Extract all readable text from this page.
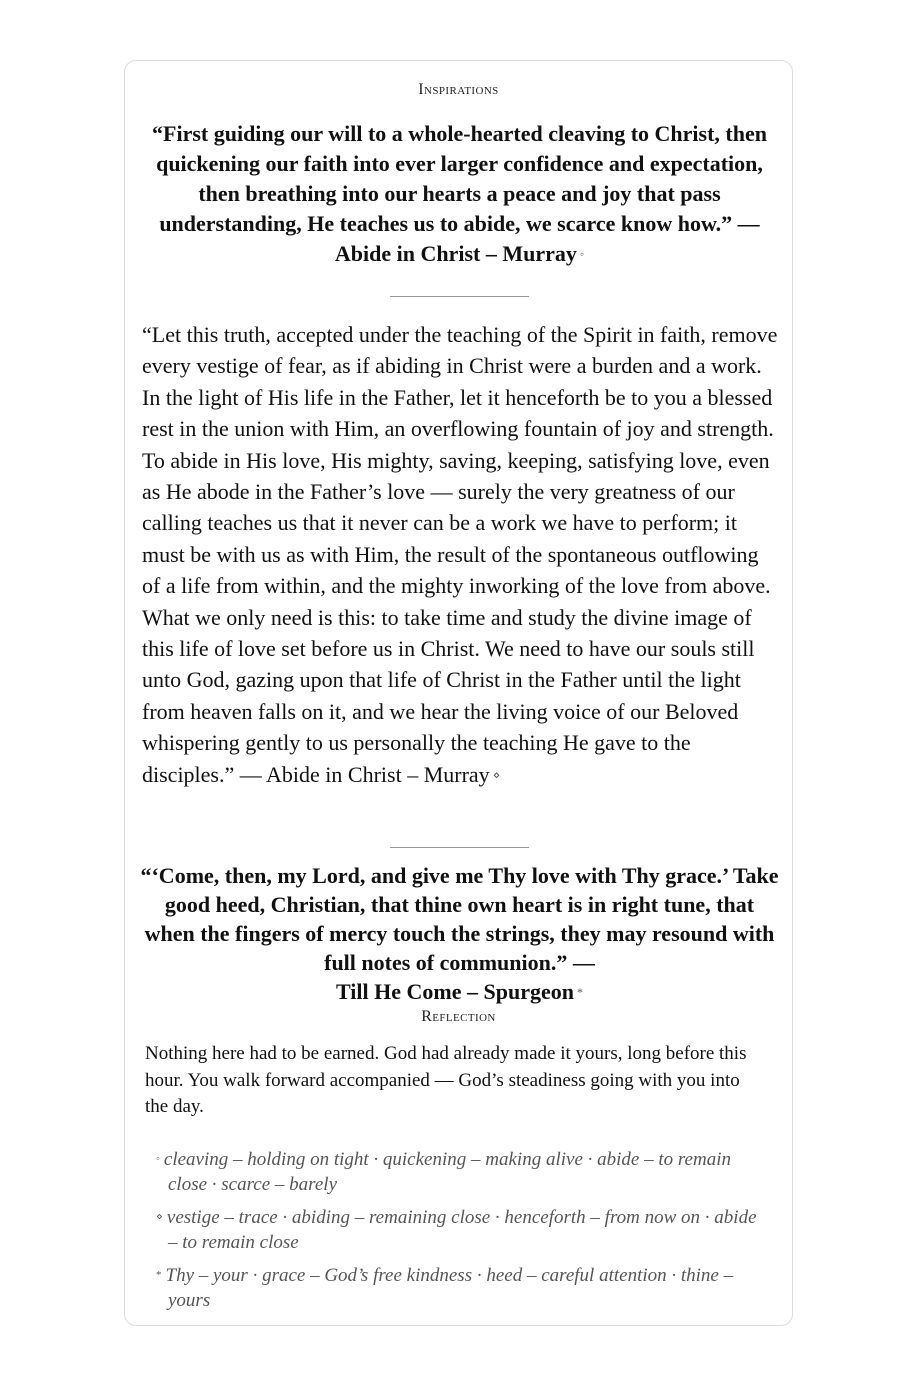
Inspirations
“First guiding our will to a whole-hearted cleaving to Christ, then quickening our faith into ever larger confidence and expectation, then breathing into our hearts a peace and joy that pass understanding, He teaches us to abide, we scarce know how.” — Abide in Christ – Murray ◦

“Let this truth, accepted under the teaching of the Spirit in faith, remove every vestige of fear, as if abiding in Christ were a burden and a work. In the light of His life in the Father, let it henceforth be to you a blessed rest in the union with Him, an overflowing fountain of joy and strength. To abide in His love, His mighty, saving, keeping, satisfying love, even as He abode in the Father’s love — surely the very greatness of our calling teaches us that it never can be a work we have to perform; it must be with us as with Him, the result of the spontaneous outflowing of a life from within, and the mighty inworking of the love from above. What we only need is this: to take time and study the divine image of this life of love set before us in Christ. We need to have our souls still unto God, gazing upon that life of Christ in the Father until the light from heaven falls on it, and we hear the living voice of our Beloved whispering gently to us personally the teaching He gave to the disciples.” — Abide in Christ – Murray ⋄

“‘Come, then, my Lord, and give me Thy love with Thy grace.’ Take good heed, Christian, that thine own heart is in right tune, that when the fingers of mercy touch the strings, they may resound with full notes of communion.” —
Till He Come – Spurgeon *
Reflection

Nothing here had to be earned. God had already made it yours, long before this hour. You walk forward accompanied — God’s steadiness going with you into the day.

◦ cleaving – holding on tight · quickening – making alive · abide – to remain close · scarce – barely

⋄ vestige – trace · abiding – remaining close · henceforth – from now on · abide – to remain close

* Thy – your · grace – God’s free kindness · heed – careful attention · thine – yours
